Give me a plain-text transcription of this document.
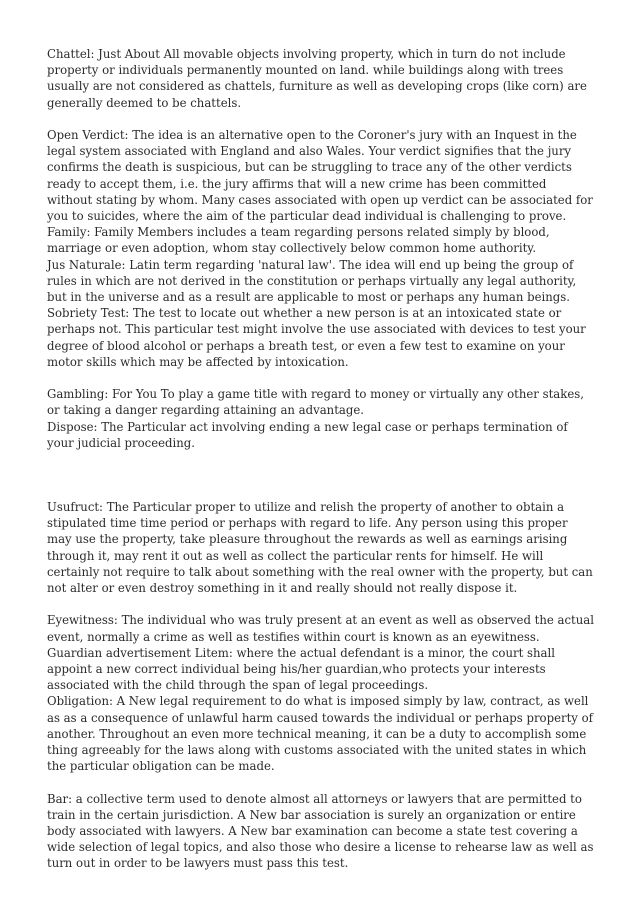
Chattel: Just About All movable objects involving property, which in turn do not include property or individuals permanently mounted on land. while buildings along with trees usually are not considered as chattels, furniture as well as developing crops (like corn) are generally deemed to be chattels.

Open Verdict: The idea is an alternative open to the Coroner's jury with an Inquest in the legal system associated with England and also Wales. Your verdict signifies that the jury confirms the death is suspicious, but can be struggling to trace any of the other verdicts ready to accept them, i.e. the jury affirms that will a new crime has been committed without stating by whom. Many cases associated with open up verdict can be associated for you to suicides, where the aim of the particular dead individual is challenging to prove.

Family: Family Members includes a team regarding persons related simply by blood, marriage or even adoption, whom stay collectively below common home authority.

Jus Naturale: Latin term regarding 'natural law'. The idea will end up being the group of rules in which are not derived in the constitution or perhaps virtually any legal authority, but in the universe and as a result are applicable to most or perhaps any human beings.

Sobriety Test: The test to locate out whether a new person is at an intoxicated state or perhaps not. This particular test might involve the use associated with devices to test your degree of blood alcohol or perhaps a breath test, or even a few test to examine on your motor skills which may be affected by intoxication.

Gambling: For You To play a game title with regard to money or virtually any other stakes, or taking a danger regarding attaining an advantage.

Dispose: The Particular act involving ending a new legal case or perhaps termination of your judicial proceeding.

Usufruct: The Particular proper to utilize and relish the property of another to obtain a stipulated time time period or perhaps with regard to life. Any person using this proper may use the property, take pleasure throughout the rewards as well as earnings arising through it, may rent it out as well as collect the particular rents for himself. He will certainly not require to talk about something with the real owner with the property, but can not alter or even destroy something in it and really should not really dispose it.

Eyewitness: The individual who was truly present at an event as well as observed the actual event, normally a crime as well as testifies within court is known as an eyewitness.

Guardian advertisement Litem: where the actual defendant is a minor, the court shall appoint a new correct individual being his/her guardian,who protects your interests associated with the child through the span of legal proceedings.

Obligation: A New legal requirement to do what is imposed simply by law, contract, as well as as a consequence of unlawful harm caused towards the individual or perhaps property of another. Throughout an even more technical meaning, it can be a duty to accomplish some thing agreeably for the laws along with customs associated with the united states in which the particular obligation can be made.

Bar: a collective term used to denote almost all attorneys or lawyers that are permitted to train in the certain jurisdiction. A New bar association is surely an organization or entire body associated with lawyers. A New bar examination can become a state test covering a wide selection of legal topics, and also those who desire a license to rehearse law as well as turn out in order to be lawyers must pass this test.
